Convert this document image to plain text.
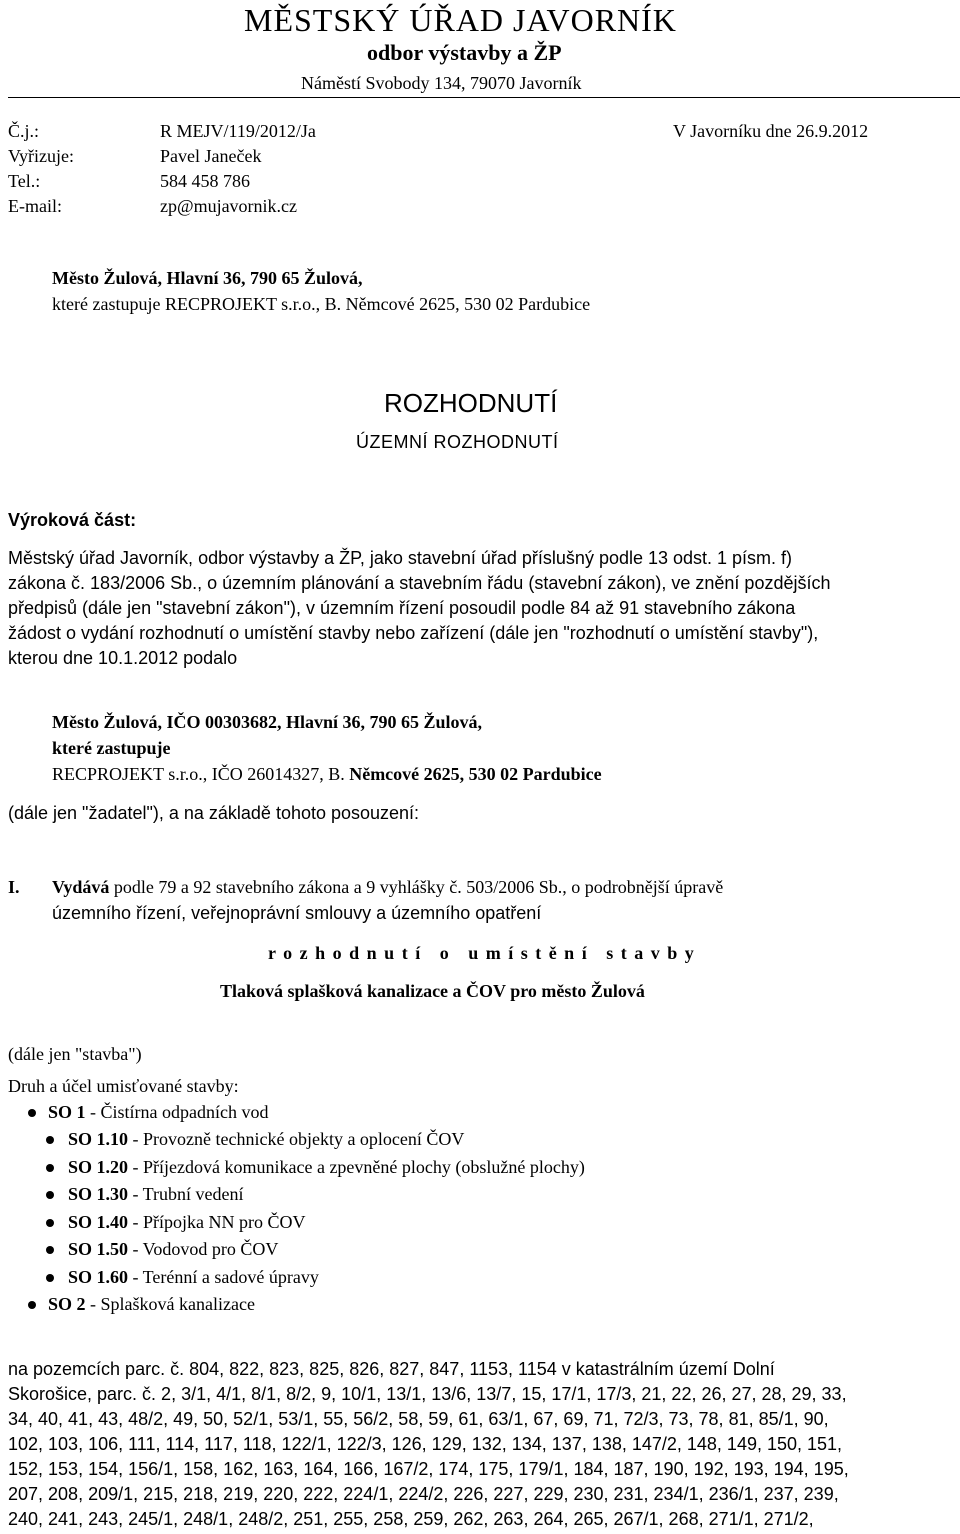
MĚSTSKÝ ÚŘAD JAVORNÍK
odbor výstavby a ŽP
Náměstí Svobody 134, 79070 Javorník
Č.j.:	R MEJV/119/2012/Ja	V Javorníku dne 26.9.2012
Vyřizuje:	Pavel Janeček
Tel.:	584 458 786
E-mail:	zp@mujavornik.cz
Město Žulová, Hlavní 36, 790 65 Žulová,
které zastupuje RECPROJEKT s.r.o., B. Němcové 2625, 530 02 Pardubice
ROZHODNUTÍ
ÚZEMNÍ ROZHODNUTÍ
Výroková část:
Městský úřad Javorník, odbor výstavby a ŽP, jako stavební úřad příslušný podle 13 odst. 1 písm. f)
zákona č. 183/2006 Sb., o územním plánování a stavebním řádu (stavební zákon), ve znění pozdějších
předpisů (dále jen "stavební zákon"), v územním řízení posoudil podle 84 až 91 stavebního zákona
žádost o vydání rozhodnutí o umístění stavby nebo zařízení (dále jen "rozhodnutí o umístění stavby"),
kterou dne 10.1.2012 podalo
Město Žulová, IČO 00303682, Hlavní 36, 790 65 Žulová,
které zastupuje
RECPROJEKT s.r.o., IČO 26014327, B. Němcové 2625, 530 02 Pardubice
(dále jen "žadatel"), a na základě tohoto posouzení:
I. Vydává podle 79 a 92 stavebního zákona a 9 vyhlášky č. 503/2006 Sb., o podrobnější úpravě
územního řízení, veřejnoprávní smlouvy a územního opatření
rozhodnutí o umístění stavby
Tlaková splašková kanalizace a ČOV pro město Žulová
(dále jen "stavba")
Druh a účel umisťované stavby:
SO 1 - Čistírna odpadních vod
SO 1.10 - Provozně technické objekty a oplocení ČOV
SO 1.20 - Příjezdová komunikace a zpevněné plochy (obslužné plochy)
SO 1.30 - Trubní vedení
SO 1.40 - Přípojka NN pro ČOV
SO 1.50 - Vodovod pro ČOV
SO 1.60 - Terénní a sadové úpravy
SO 2 - Splašková kanalizace
na pozemcích parc. č. 804, 822, 823, 825, 826, 827, 847, 1153, 1154 v katastrálním území Dolní
Skorošice, parc. č. 2, 3/1, 4/1, 8/1, 8/2, 9, 10/1, 13/1, 13/6, 13/7, 15, 17/1, 17/3, 21, 22, 26, 27, 28, 29, 33,
34, 40, 41, 43, 48/2, 49, 50, 52/1, 53/1, 55, 56/2, 58, 59, 61, 63/1, 67, 69, 71, 72/3, 73, 78, 81, 85/1, 90,
102, 103, 106, 111, 114, 117, 118, 122/1, 122/3, 126, 129, 132, 134, 137, 138, 147/2, 148, 149, 150, 151,
152, 153, 154, 156/1, 158, 162, 163, 164, 166, 167/2, 174, 175, 179/1, 184, 187, 190, 192, 193, 194, 195,
207, 208, 209/1, 215, 218, 219, 220, 222, 224/1, 224/2, 226, 227, 229, 230, 231, 234/1, 236/1, 237, 239,
240, 241, 243, 245/1, 248/1, 248/2, 251, 255, 258, 259, 262, 263, 264, 265, 267/1, 268, 271/1, 271/2,
